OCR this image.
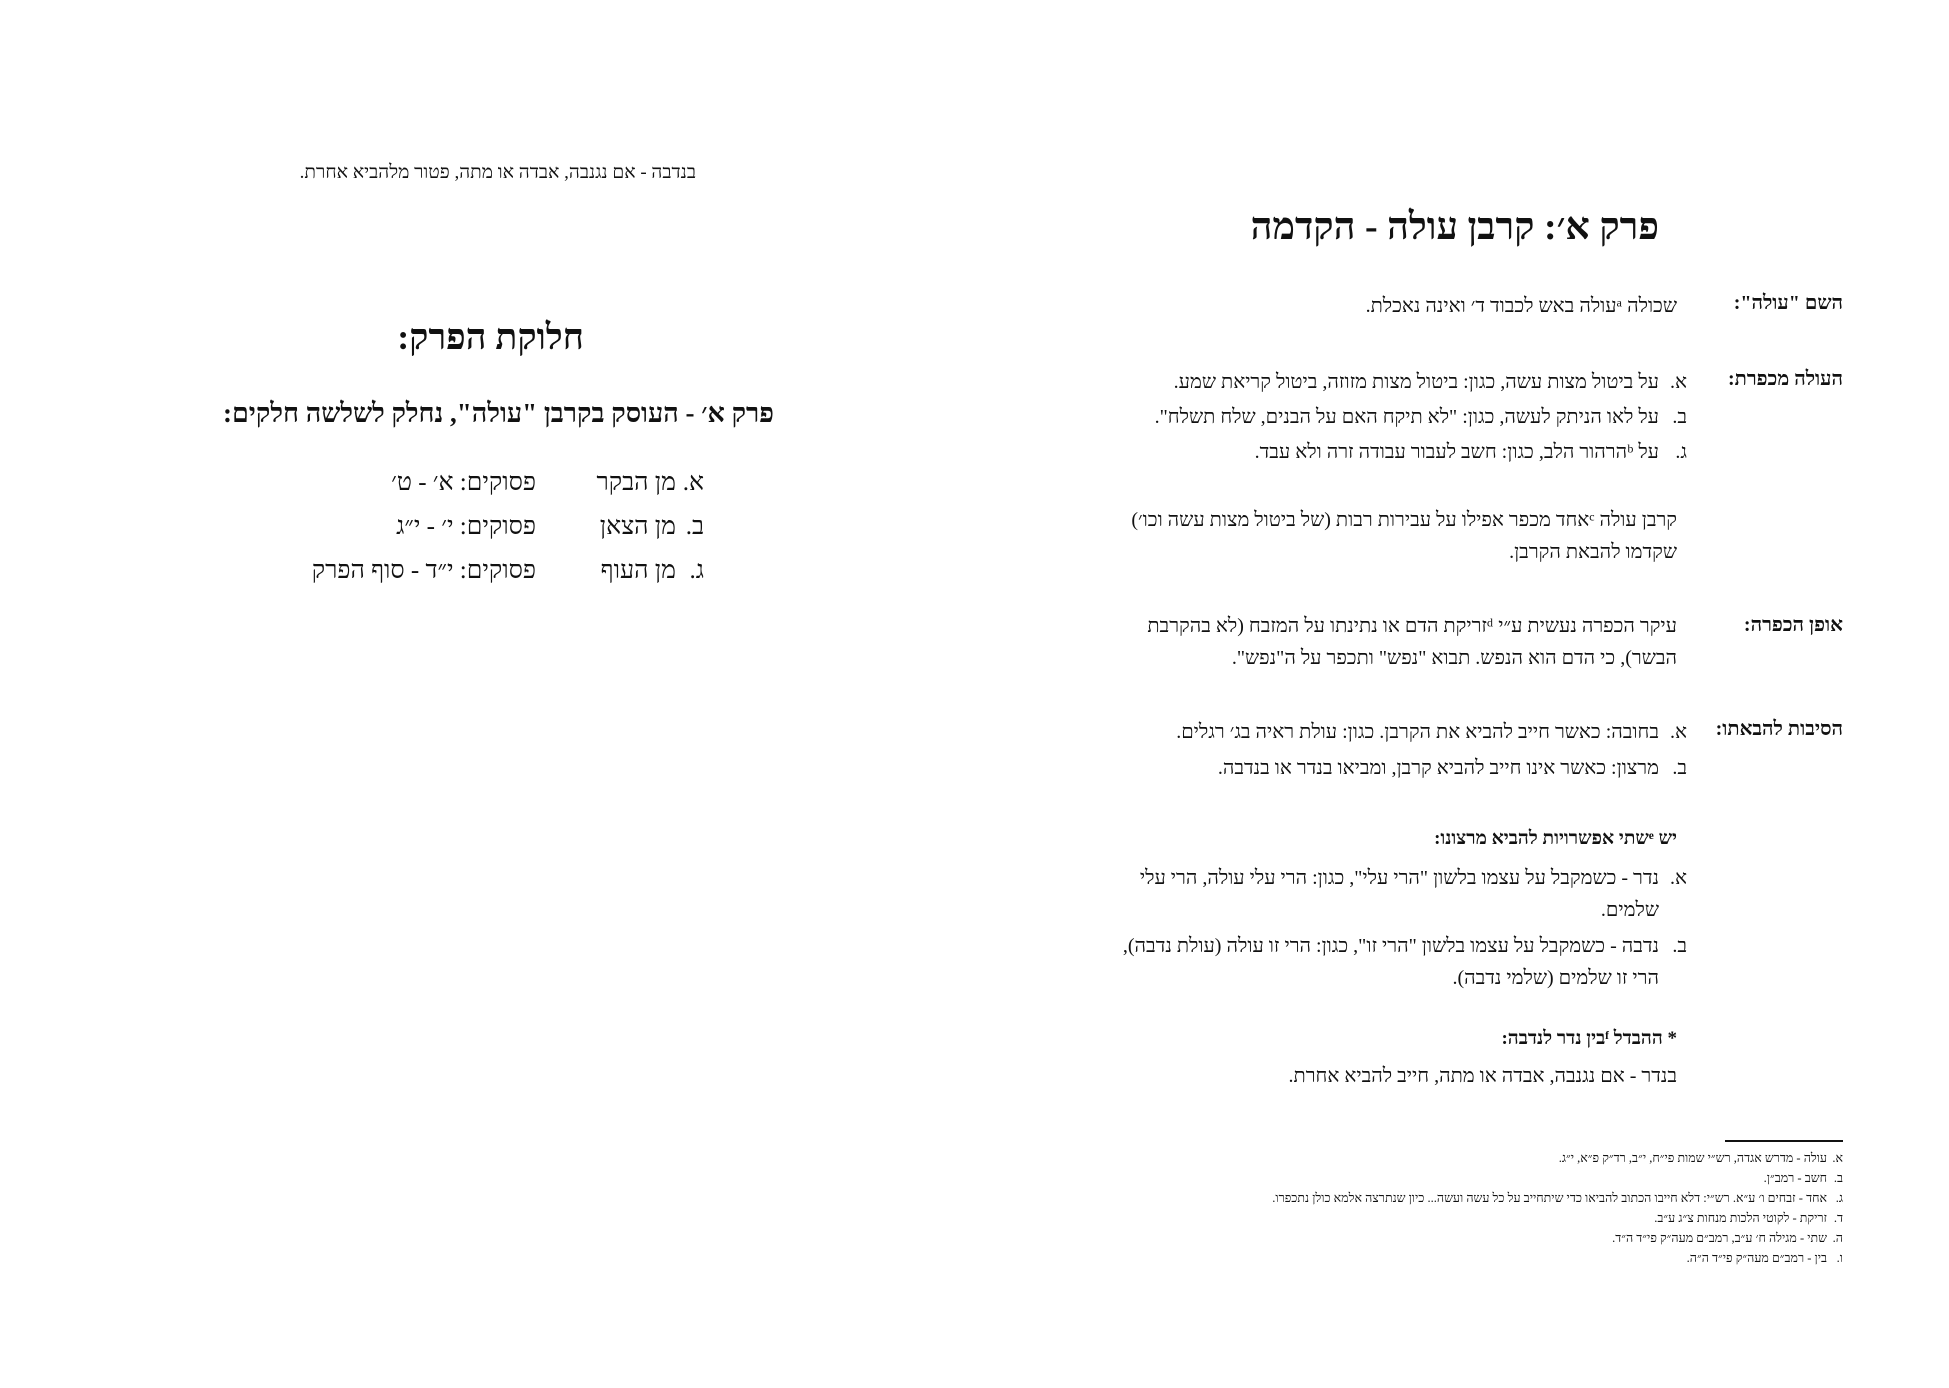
פרק א׳: קרבן עולה - הקדמה
השם "עולה":
שכולה ᵃעולה באש לכבוד ד׳ ואינה נאכלת.
העולה מכפרת:
א.
על ביטול מצות עשה, כגון: ביטול מצות מזוזה, ביטול קריאת שמע.
ב.
על לאו הניתק לעשה, כגון: "לא תיקח האם על הבנים, שלח תשלח".
ג.
על ᵇהרהור הלב, כגון: חשב לעבור עבודה זרה ולא עבד.
קרבן עולה ᶜאחד מכפר אפילו על עבירות רבות (של ביטול מצות עשה וכו׳) שקדמו להבאת הקרבן.
אופן הכפרה:
עיקר הכפרה נעשית ע״י ᵈזריקת הדם או נתינתו על המזבח (לא בהקרבת הבשר), כי הדם הוא הנפש. תבוא "נפש" ותכפר על ה"נפש".
הסיבות להבאתו:
א.
בחובה: כאשר חייב להביא את הקרבן. כגון: עולת ראיה בג׳ רגלים.
ב.
מרצון: כאשר אינו חייב להביא קרבן, ומביאו בנדר או בנדבה.
יש ᵉשתי אפשרויות להביא מרצונו:
א.
נדר - כשמקבל על עצמו בלשון "הרי עלי", כגון: הרי עלי עולה, הרי עלי שלמים.
ב.
נדבה - כשמקבל על עצמו בלשון "הרי זו", כגון: הרי זו עולה (עולת נדבה), הרי זו שלמים (שלמי נדבה).
* ההבדל ᶠבין נדר לנדבה:
בנדר - אם נגנבה, אבדה או מתה, חייב להביא אחרת.
א.
עולה - מדרש אגדה, רש״י שמות פי״ח, י״ב, רד״ק פ״א, י״ג.
ב.
חשב - רמב״ן.
ג.
אחד - זבחים ו׳ ע״א. רש״י: דלא חייבו הכתוב להביאו כדי שיתחייב על כל עשה ועשה... כיון שנתרצה אלמא כולן נתכפרו.
ד.
זריקת - לקוטי הלכות מנחות צ״ג ע״ב.
ה.
שתי - מגילה ח׳ ע״ב, רמב״ם מעה״ק פי״ד ה״ד.
ו.
בין - רמב״ם מעה״ק פי״ד ה״ה.
בנדבה - אם נגנבה, אבדה או מתה, פטור מלהביא אחרת.
חלוקת הפרק:
פרק א׳ - העוסק בקרבן "עולה", נחלק לשלשה חלקים:
א.
מן הבקר
פסוקים: א׳ - ט׳
ב.
מן הצאן
פסוקים: י׳ - י״ג
ג.
מן העוף
פסוקים: י״ד - סוף הפרק
